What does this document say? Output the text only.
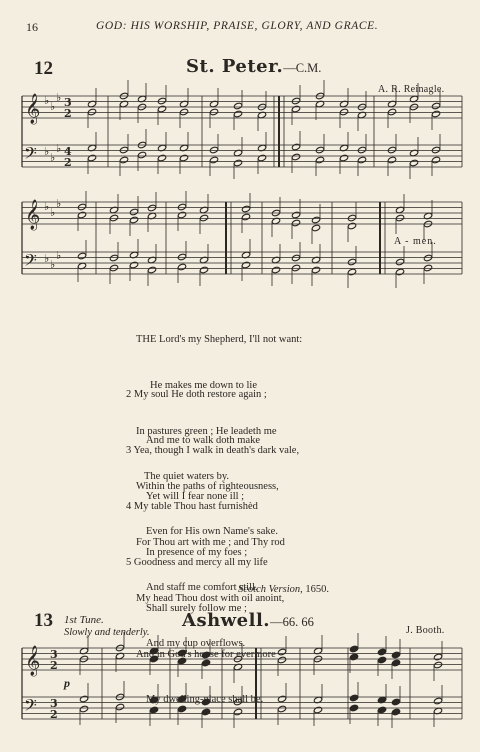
16	GOD: HIS WORSHIP, PRAISE, GLORY, AND GRACE.
12	St. Peter.—C.M.
A. R. Reinagle.
𝄞
𝄢
𝄞
𝄢
𝄞
𝄢
♭ ♭
♭
♭ ♭
♭
♭ ♭
♭
♭ ♭
♭
3
2
4
2
3
2
3
2
A - men.

THE Lord's my Shepherd, I'll not want:

He makes me down to lie

In pastures green ; He leadeth me

The quiet waters by.

2 My soul He doth restore again ;

And me to walk doth make

Within the paths of righteousness,

Even for His own Name's sake.

3 Yea, though I walk in death's dark vale,

Yet will I fear none ill ;

For Thou art with me ; and Thy rod

And staff me comfort still.

4 My table Thou hast furnishèd

In presence of my foes ;

My head Thou dost with oil anoint,

And my cup overflows.

5 Goodness and mercy all my life

Shall surely follow me ;

And in God's house for evermore

My dwelling-place shall be.

Scotch Version, 1650.
13 1st Tune.
Slowly and tenderly.
Ashwell.—66. 66
J. Booth.
p
